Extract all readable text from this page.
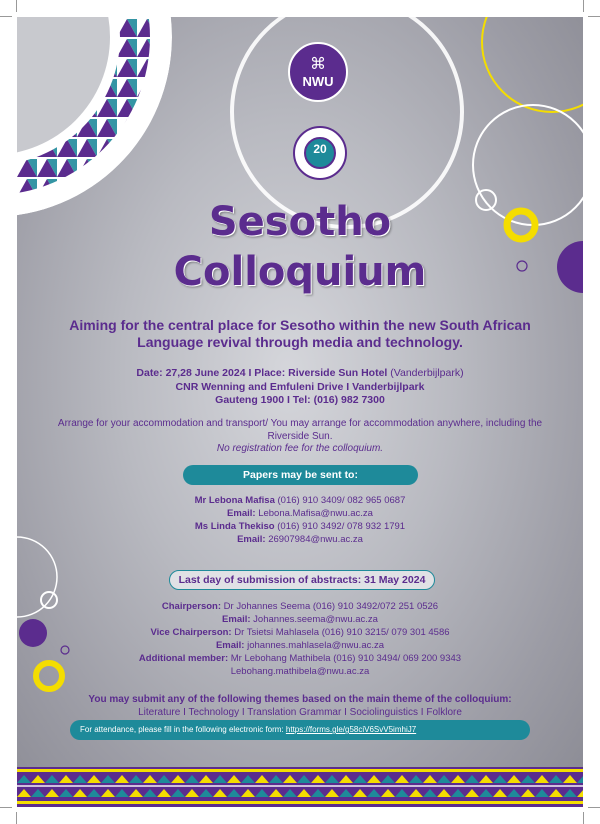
⌘
NWU
20
Sesotho
Colloquium
Aiming for the central place for Sesotho within the new South African Language revival through media and technology.
Date: 27,28 June 2024 I Place: Riverside Sun Hotel (Vanderbijlpark)
CNR Wenning and Emfuleni Drive I Vanderbijlpark
Gauteng 1900 I Tel: (016) 982 7300
Arrange for your accommodation and transport/ You may arrange for accommodation anywhere, including the Riverside Sun.
No registration fee for the colloquium.
Papers may be sent to:
Mr Lebona Mafisa (016) 910 3409/ 082 965 0687
Email: Lebona.Mafisa@nwu.ac.za
Ms Linda Thekiso (016) 910 3492/ 078 932 1791
Email: 26907984@nwu.ac.za
Last day of submission of abstracts: 31 May 2024
Chairperson: Dr Johannes Seema (016) 910 3492/072 251 0526
Email: Johannes.seema@nwu.ac.za
Vice Chairperson: Dr Tsietsi Mahlasela (016) 910 3215/ 079 301 4586
Email: johannes.mahlasela@nwu.ac.za
Additional member: Mr Lebohang Mathibela (016) 910 3494/ 069 200 9343
Lebohang.mathibela@nwu.ac.za
You may submit any of the following themes based on the main theme of the colloquium:
Literature I Technology I Translation Grammar I Sociolinguistics I Folklore
For attendance, please fill in the following electronic form: https://forms.gle/g58ciV6SvV5imhiJ7
